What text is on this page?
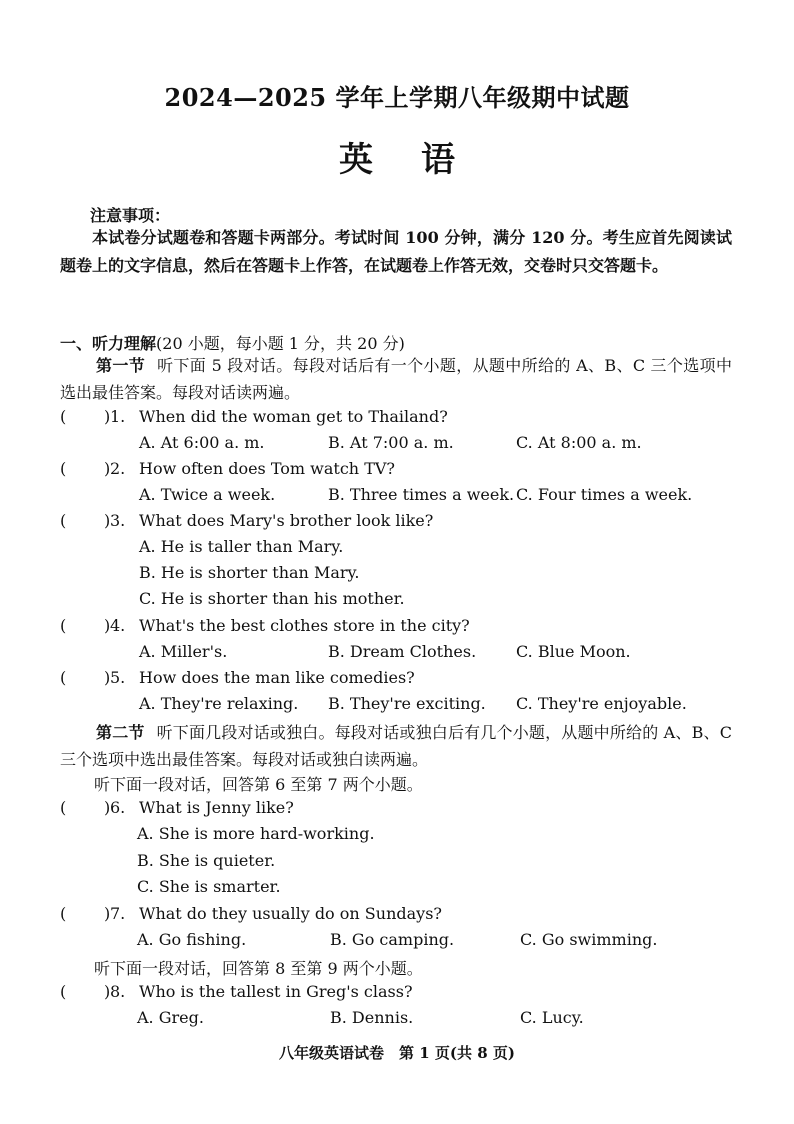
2024—2025 学年上学期八年级期中试题
英语
注意事项：
本试卷分试题卷和答题卡两部分。考试时间 100 分钟，满分 120 分。考生应首先阅读试题卷上的文字信息，然后在答题卡上作答，在试题卷上作答无效，交卷时只交答题卡。
一、听力理解(20 小题，每小题 1 分，共 20 分)
第一节 听下面 5 段对话。每段对话后有一个小题，从题中所给的 A、B、C 三个选项中选出最佳答案。每段对话读两遍。
( ) 1. When did the woman get to Thailand?
A. At 6:00 a. m.	B. At 7:00 a. m.	C. At 8:00 a. m.
( ) 2. How often does Tom watch TV?
A. Twice a week.	B. Three times a week. C. Four times a week.
( ) 3. What does Mary's brother look like?
A. He is taller than Mary.
B. He is shorter than Mary.
C. He is shorter than his mother.
( ) 4. What's the best clothes store in the city?
A. Miller's.	B. Dream Clothes. C. Blue Moon.
( ) 5. How does the man like comedies?
A. They're relaxing. B. They're exciting. C. They're enjoyable.
第二节 听下面几段对话或独白。每段对话或独白后有几个小题，从题中所给的 A、B、C 三个选项中选出最佳答案。每段对话或独白读两遍。
听下面一段对话，回答第 6 至第 7 两个小题。
( ) 6. What is Jenny like?
A. She is more hard-working.
B. She is quieter.
C. She is smarter.
( ) 7. What do they usually do on Sundays?
A. Go fishing.	B. Go camping.	C. Go swimming.
听下面一段对话，回答第 8 至第 9 两个小题。
( ) 8. Who is the tallest in Greg's class?
A. Greg.	B. Dennis.	C. Lucy.
八年级英语试卷　第 1 页(共 8 页)
